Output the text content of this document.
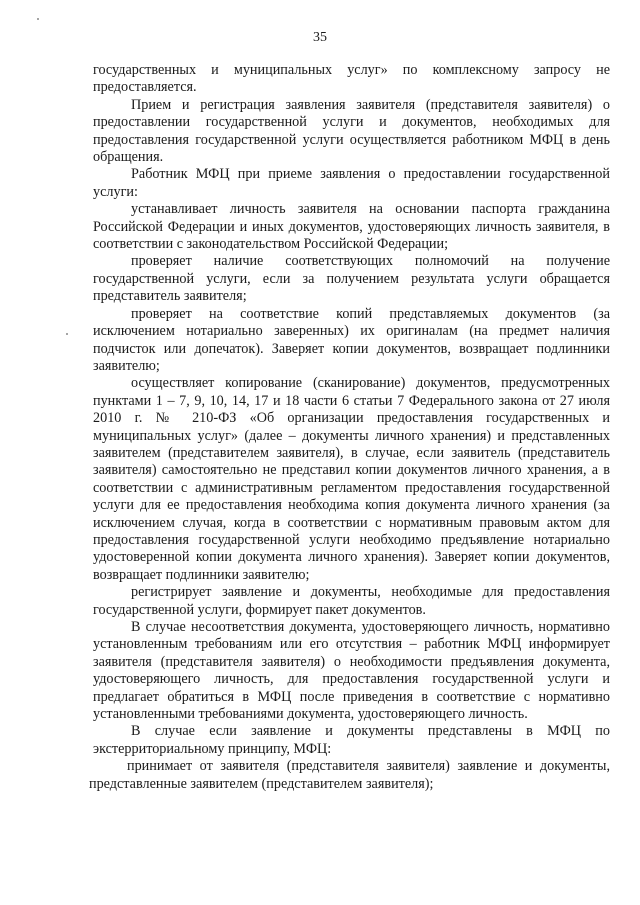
35

государственных и муниципальных услуг» по комплексному запросу не предоставляется.

Прием и регистрация заявления заявителя (представителя заявителя) о предоставлении государственной услуги и документов, необходимых для предоставления государственной услуги осуществляется работником МФЦ в день обращения.

Работник МФЦ при приеме заявления о предоставлении государственной услуги:

устанавливает личность заявителя на основании паспорта гражданина Российской Федерации и иных документов, удостоверяющих личность заявителя, в соответствии с законодательством Российской Федерации;

проверяет наличие соответствующих полномочий на получение государственной услуги, если за получением результата услуги обращается представитель заявителя;

проверяет на соответствие копий представляемых документов (за исключением нотариально заверенных) их оригиналам (на предмет наличия подчисток или допечаток). Заверяет копии документов, возвращает подлинники заявителю;

осуществляет копирование (сканирование) документов, предусмотренных пунктами 1 – 7, 9, 10, 14, 17 и 18 части 6 статьи 7 Федерального закона от 27 июля 2010 г. № 210-ФЗ «Об организации предоставления государственных и муниципальных услуг» (далее – документы личного хранения) и представленных заявителем (представителем заявителя), в случае, если заявитель (представитель заявителя) самостоятельно не представил копии документов личного хранения, а в соответствии с административным регламентом предоставления государственной услуги для ее предоставления необходима копия документа личного хранения (за исключением случая, когда в соответствии с нормативным правовым актом для предоставления государственной услуги необходимо предъявление нотариально удостоверенной копии документа личного хранения). Заверяет копии документов, возвращает подлинники заявителю;

регистрирует заявление и документы, необходимые для предоставления государственной услуги, формирует пакет документов.

В случае несоответствия документа, удостоверяющего личность, нормативно установленным требованиям или его отсутствия – работник МФЦ информирует заявителя (представителя заявителя) о необходимости предъявления документа, удостоверяющего личность, для предоставления государственной услуги и предлагает обратиться в МФЦ после приведения в соответствие с нормативно установленными требованиями документа, удостоверяющего личность.

В случае если заявление и документы представлены в МФЦ по экстерриториальному принципу, МФЦ:

принимает от заявителя (представителя заявителя) заявление и документы, представленные заявителем (представителем заявителя);
